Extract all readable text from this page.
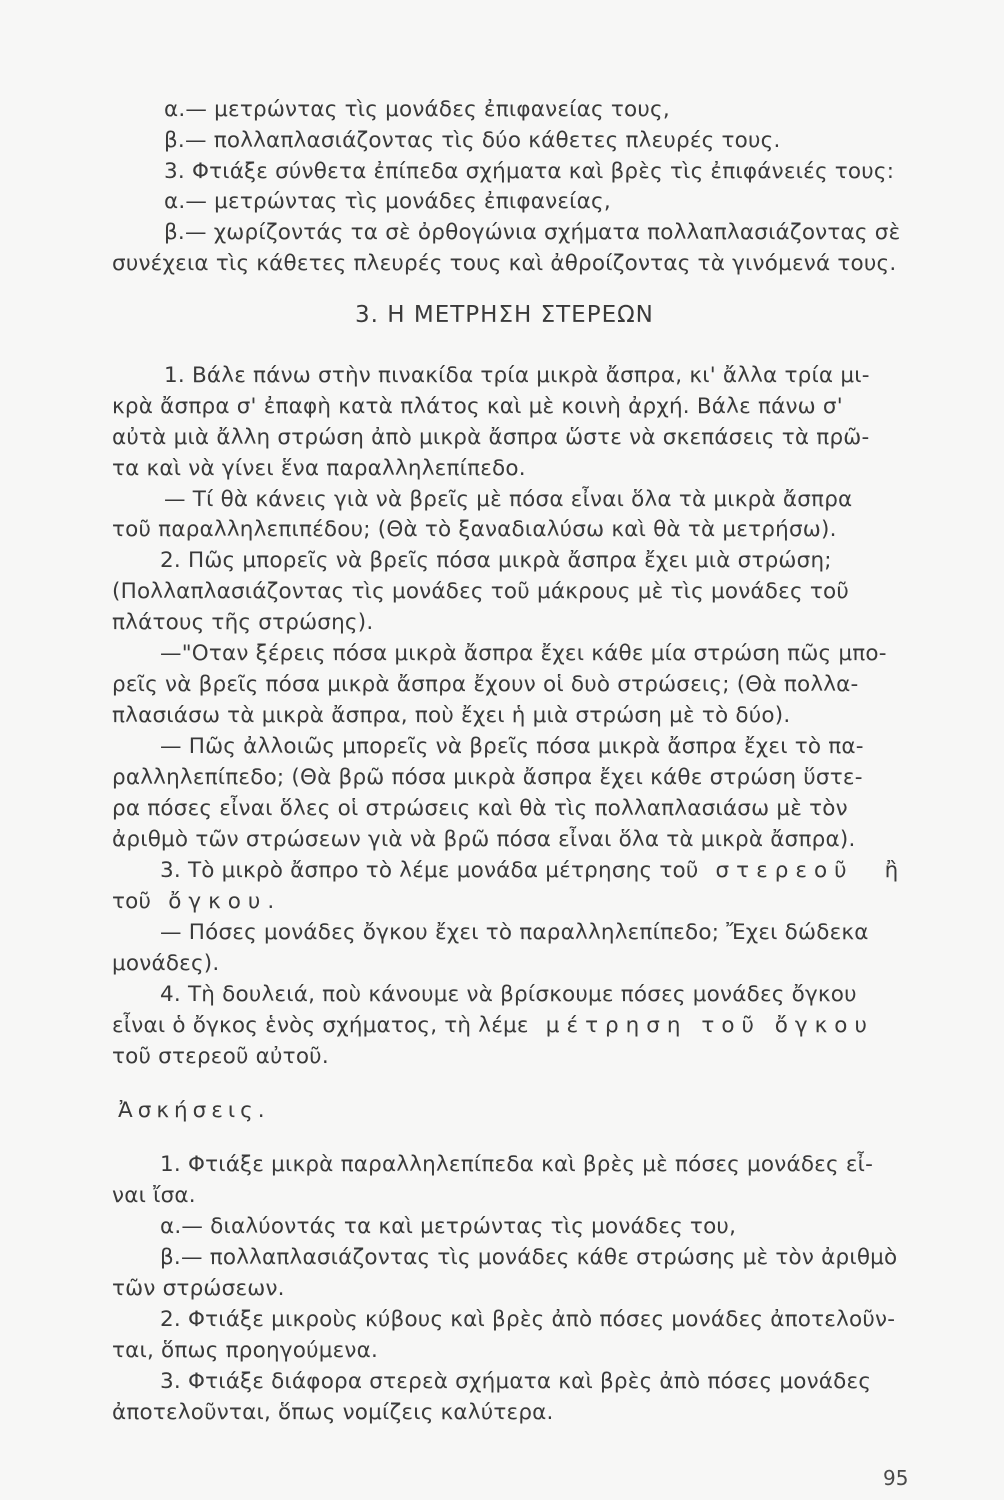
α.— μετρώντας τὶς μονάδες ἐπιφανείας τους,
β.— πολλαπλασιάζοντας τὶς δύο κάθετες πλευρές τους.
3. Φτιάξε σύνθετα ἐπίπεδα σχήματα καὶ βρὲς τὶς ἐπιφάνειές τους:
α.— μετρώντας τὶς μονάδες ἐπιφανείας,
β.— χωρίζοντάς τα σὲ ὀρθογώνια σχήματα πολλαπλασιάζοντας σὲ
συνέχεια τὶς κάθετες πλευρές τους καὶ ἀθροίζοντας τὰ γινόμενά τους.
3. Η ΜΕΤΡΗΣΗ ΣΤΕΡΕΩΝ
1. Βάλε πάνω στὴν πινακίδα τρία μικρὰ ἄσπρα, κι' ἄλλα τρία μι-
κρὰ ἄσπρα σ' ἐπαφὴ κατὰ πλάτος καὶ μὲ κοινὴ ἀρχή. Βάλε πάνω σ'
αὐτὰ μιὰ ἄλλη στρώση ἀπὸ μικρὰ ἄσπρα ὥστε νὰ σκεπάσεις τὰ πρῶ-
τα καὶ νὰ γίνει ἕνα παραλληλεπίπεδο.
— Τί θὰ κάνεις γιὰ νὰ βρεῖς μὲ πόσα εἶναι ὅλα τὰ μικρὰ ἄσπρα
τοῦ παραλληλεπιπέδου; (Θὰ τὸ ξαναδιαλύσω καὶ θὰ τὰ μετρήσω).
2. Πῶς μπορεῖς νὰ βρεῖς πόσα μικρὰ ἄσπρα ἔχει μιὰ στρώση;
(Πολλαπλασιάζοντας τὶς μονάδες τοῦ μάκρους μὲ τὶς μονάδες τοῦ
πλάτους τῆς στρώσης).
—"Οταν ξέρεις πόσα μικρὰ ἄσπρα ἔχει κάθε μία στρώση πῶς μπο-
ρεῖς νὰ βρεῖς πόσα μικρὰ ἄσπρα ἔχουν οἱ δυὸ στρώσεις; (Θὰ πολλα-
πλασιάσω τὰ μικρὰ ἄσπρα, ποὺ ἔχει ἡ μιὰ στρώση μὲ τὸ δύο).
— Πῶς ἀλλοιῶς μπορεῖς νὰ βρεῖς πόσα μικρὰ ἄσπρα ἔχει τὸ πα-
ραλληλεπίπεδο; (Θὰ βρῶ πόσα μικρὰ ἄσπρα ἔχει κάθε στρώση ὕστε-
ρα πόσες εἶναι ὅλες οἱ στρώσεις καὶ θὰ τὶς πολλαπλασιάσω μὲ τὸν
ἀριθμὸ τῶν στρώσεων γιὰ νὰ βρῶ πόσα εἶναι ὅλα τὰ μικρὰ ἄσπρα).
3. Τὸ μικρὸ ἄσπρο τὸ λέμε μονάδα μέτρησης τοῦ στερεοῦ ἢ
τοῦ ὄγκου.
— Πόσες μονάδες ὄγκου ἔχει τὸ παραλληλεπίπεδο; Ἔχει δώδεκα
μονάδες).
4. Τὴ δουλειά, ποὺ κάνουμε νὰ βρίσκουμε πόσες μονάδες ὄγκου
εἶναι ὁ ὄγκος ἑνὸς σχήματος, τὴ λέμε μέτρηση τοῦ ὄγκου
τοῦ στερεοῦ αὐτοῦ.
Ἀσκήσεις.
1. Φτιάξε μικρὰ παραλληλεπίπεδα καὶ βρὲς μὲ πόσες μονάδες εἶ-
ναι ἴσα.
α.— διαλύοντάς τα καὶ μετρώντας τὶς μονάδες του,
β.— πολλαπλασιάζοντας τὶς μονάδες κάθε στρώσης μὲ τὸν ἀριθμὸ
τῶν στρώσεων.
2. Φτιάξε μικροὺς κύβους καὶ βρὲς ἀπὸ πόσες μονάδες ἀποτελοῦν-
ται, ὅπως προηγούμενα.
3. Φτιάξε διάφορα στερεὰ σχήματα καὶ βρὲς ἀπὸ πόσες μονάδες
ἀποτελοῦνται, ὅπως νομίζεις καλύτερα.
95
